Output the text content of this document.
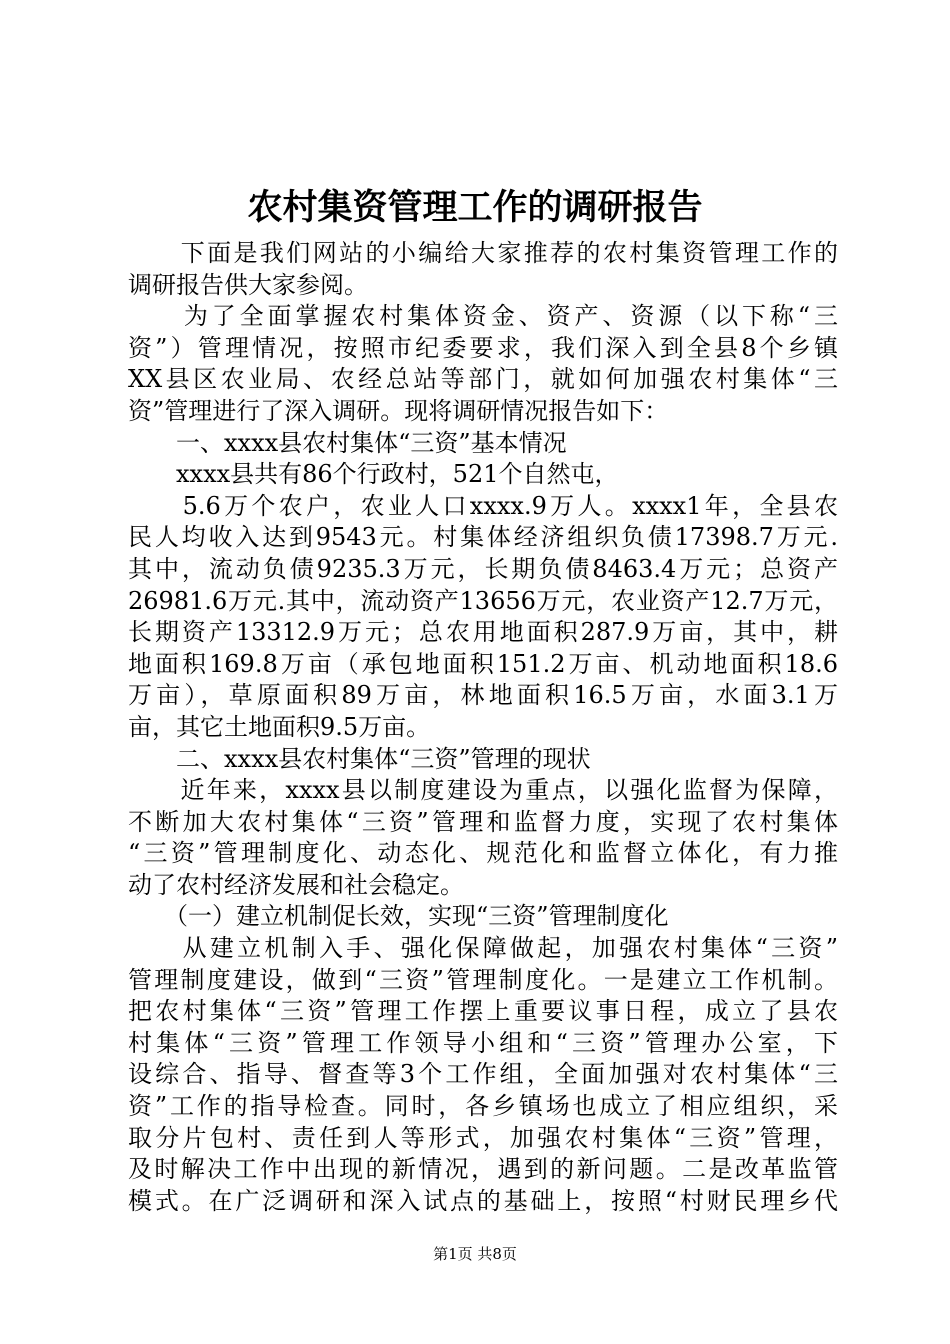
农村集资管理工作的调研报告
　　下面是我们网站的小编给大家推荐的农村集资管理工作的
调研报告供大家参阅。
　　为了全面掌握农村集体资金、资产、资源（以下称“三
资”）管理情况，按照市纪委要求，我们深入到全县8个乡镇
XX县区农业局、农经总站等部门，就如何加强农村集体“三
资”管理进行了深入调研。现将调研情况报告如下：
　　一、xxxx县农村集体“三资”基本情况
　　xxxx县共有86个行政村，521个自然屯，
　　5.6万个农户，农业人口xxxx.9万人。xxxx1年，全县农
民人均收入达到9543元。村集体经济组织负债17398.7万元.
其中，流动负债9235.3万元，长期负债8463.4万元；总资产
26981.6万元.其中，流动资产13656万元，农业资产12.7万元，
长期资产13312.9万元；总农用地面积287.9万亩，其中，耕
地面积169.8万亩（承包地面积151.2万亩、机动地面积18.6
万亩），草原面积89万亩，林地面积16.5万亩，水面3.1万
亩，其它土地面积9.5万亩。
　　二、xxxx县农村集体“三资”管理的现状
　　近年来，xxxx县以制度建设为重点，以强化监督为保障，
不断加大农村集体“三资”管理和监督力度，实现了农村集体
“三资”管理制度化、动态化、规范化和监督立体化，有力推
动了农村经济发展和社会稳定。
　　（一）建立机制促长效，实现“三资”管理制度化
　　从建立机制入手、强化保障做起，加强农村集体“三资”
管理制度建设，做到“三资”管理制度化。一是建立工作机制。
把农村集体“三资”管理工作摆上重要议事日程，成立了县农
村集体“三资”管理工作领导小组和“三资”管理办公室，下
设综合、指导、督查等3个工作组，全面加强对农村集体“三
资”工作的指导检查。同时，各乡镇场也成立了相应组织，采
取分片包村、责任到人等形式，加强农村集体“三资”管理，
及时解决工作中出现的新情况，遇到的新问题。二是改革监管
模式。在广泛调研和深入试点的基础上，按照“村财民理乡代
第1页 共8页
